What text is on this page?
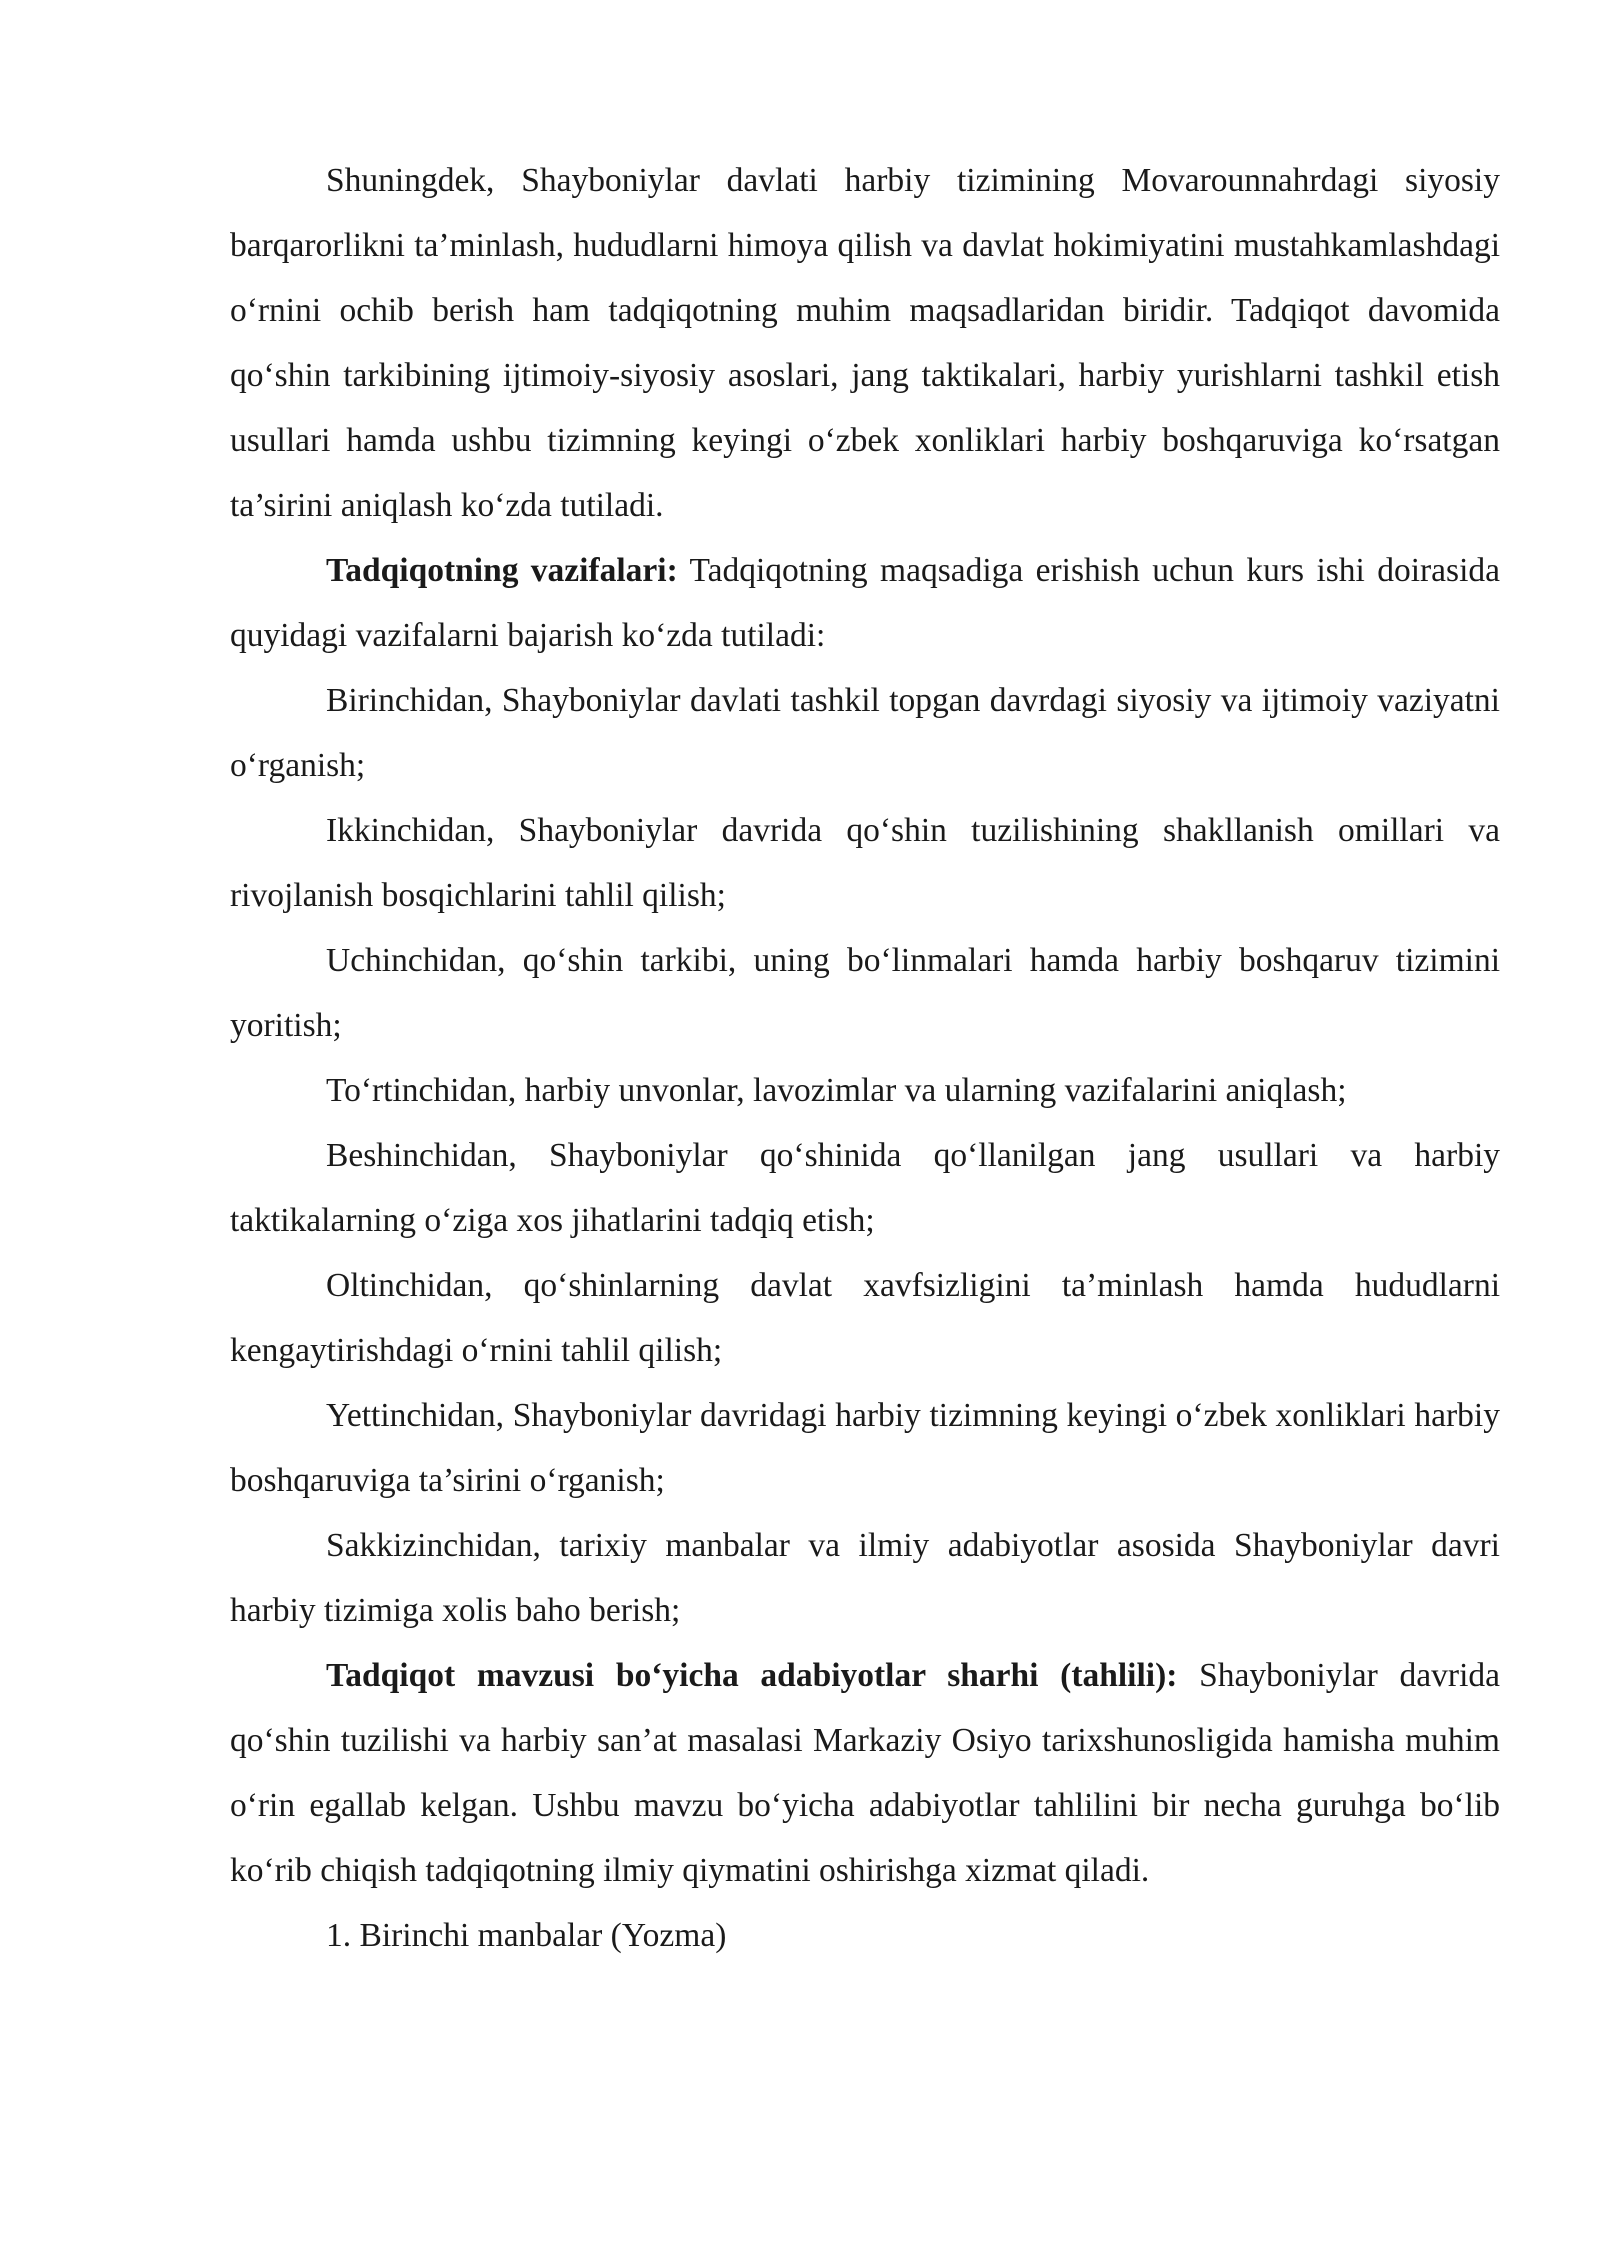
Shuningdek, Shayboniylar davlati harbiy tizimining Movarounnahrdagi siyosiy barqarorlikni ta’minlash, hududlarni himoya qilish va davlat hokimiyatini mustahkamlashdagi o‘rnini ochib berish ham tadqiqotning muhim maqsadlaridan biridir. Tadqiqot davomida qo‘shin tarkibining ijtimoiy-siyosiy asoslari, jang taktikalari, harbiy yurishlarni tashkil etish usullari hamda ushbu tizimning keyingi o‘zbek xonliklari harbiy boshqaruviga ko‘rsatgan ta’sirini aniqlash ko‘zda tutiladi.

Tadqiqotning vazifalari: Tadqiqotning maqsadiga erishish uchun kurs ishi doirasida quyidagi vazifalarni bajarish ko‘zda tutiladi:

Birinchidan, Shayboniylar davlati tashkil topgan davrdagi siyosiy va ijtimoiy vaziyatni o‘rganish;

Ikkinchidan, Shayboniylar davrida qo‘shin tuzilishining shakllanish omillari va rivojlanish bosqichlarini tahlil qilish;

Uchinchidan, qo‘shin tarkibi, uning bo‘linmalari hamda harbiy boshqaruv tizimini yoritish;

To‘rtinchidan, harbiy unvonlar, lavozimlar va ularning vazifalarini aniqlash;

Beshinchidan, Shayboniylar qo‘shinida qo‘llanilgan jang usullari va harbiy taktikalarning o‘ziga xos jihatlarini tadqiq etish;

Oltinchidan, qo‘shinlarning davlat xavfsizligini ta’minlash hamda hududlarni kengaytirishdagi o‘rnini tahlil qilish;

Yettinchidan, Shayboniylar davridagi harbiy tizimning keyingi o‘zbek xonliklari harbiy boshqaruviga ta’sirini o‘rganish;

Sakkizinchidan, tarixiy manbalar va ilmiy adabiyotlar asosida Shayboniylar davri harbiy tizimiga xolis baho berish;

Tadqiqot mavzusi bo‘yicha adabiyotlar sharhi (tahlili): Shayboniylar davrida qo‘shin tuzilishi va harbiy san’at masalasi Markaziy Osiyo tarixshunosligida hamisha muhim o‘rin egallab kelgan. Ushbu mavzu bo‘yicha adabiyotlar tahlilini bir necha guruhga bo‘lib ko‘rib chiqish tadqiqotning ilmiy qiymatini oshirishga xizmat qiladi.

1. Birinchi manbalar (Yozma)
